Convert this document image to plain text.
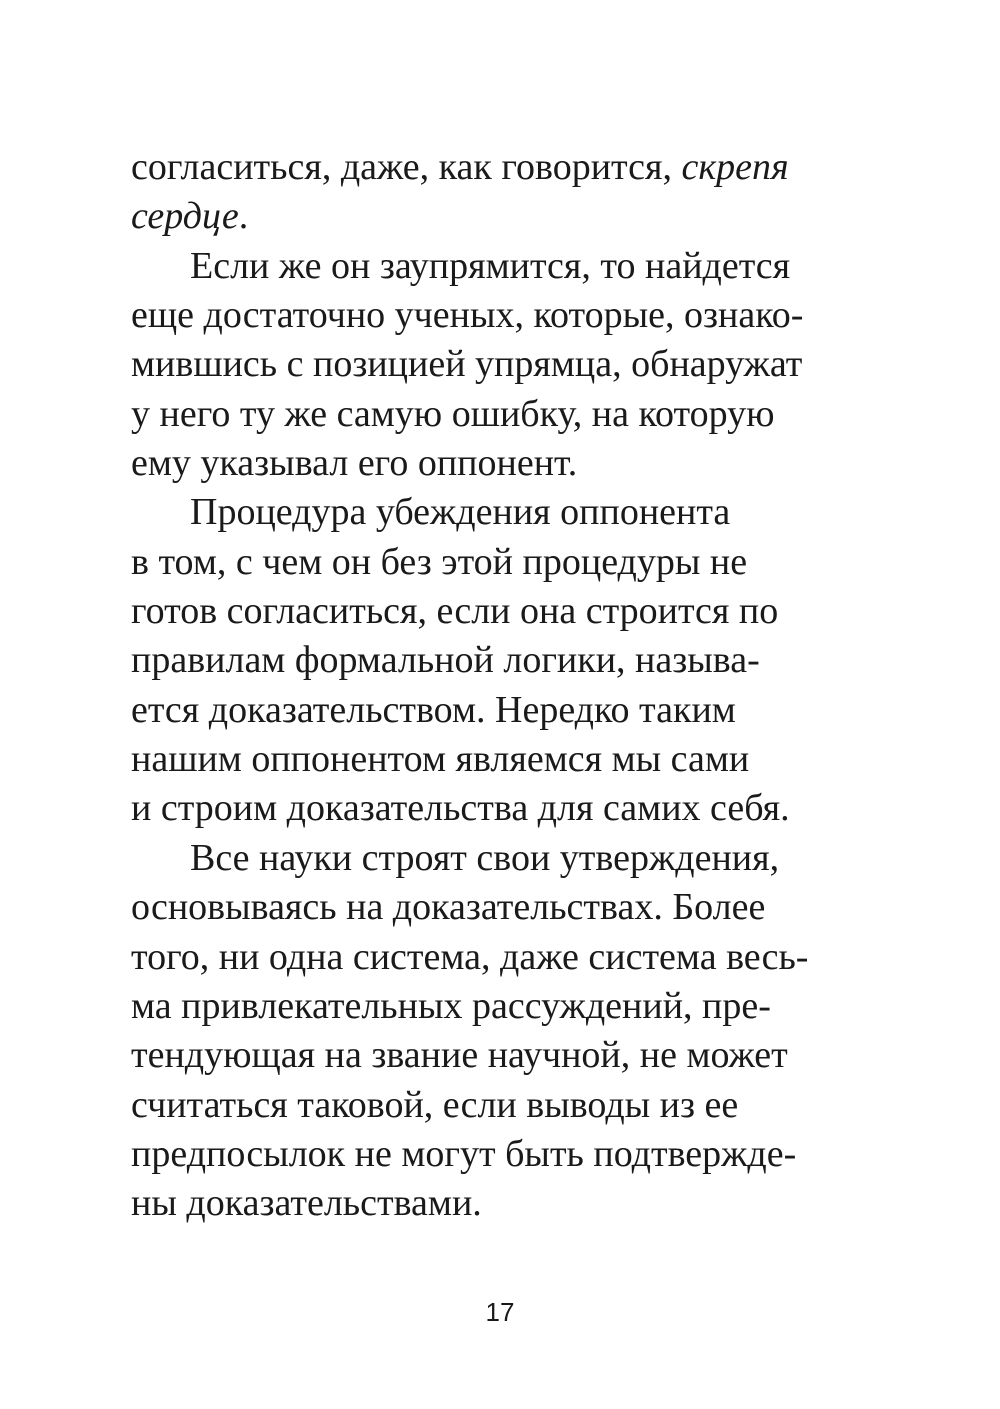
согласиться, даже, как говорится, скрепя
сердце.
Если же он заупрямится, то найдется
еще достаточно ученых, которые, ознако-
мившись с позицией упрямца, обнаружат
у него ту же самую ошибку, на которую
ему указывал его оппонент.
Процедура убеждения оппонента
в том, с чем он без этой процедуры не
готов согласиться, если она строится по
правилам формальной логики, называ-
ется доказательством. Нередко таким
нашим оппонентом являемся мы сами
и строим доказательства для самих себя.
Все науки строят свои утверждения,
основываясь на доказательствах. Более
того, ни одна система, даже система весь-
ма привлекательных рассуждений, пре-
тендующая на звание научной, не может
считаться таковой, если выводы из ее
предпосылок не могут быть подтвержде-
ны доказательствами.
17
